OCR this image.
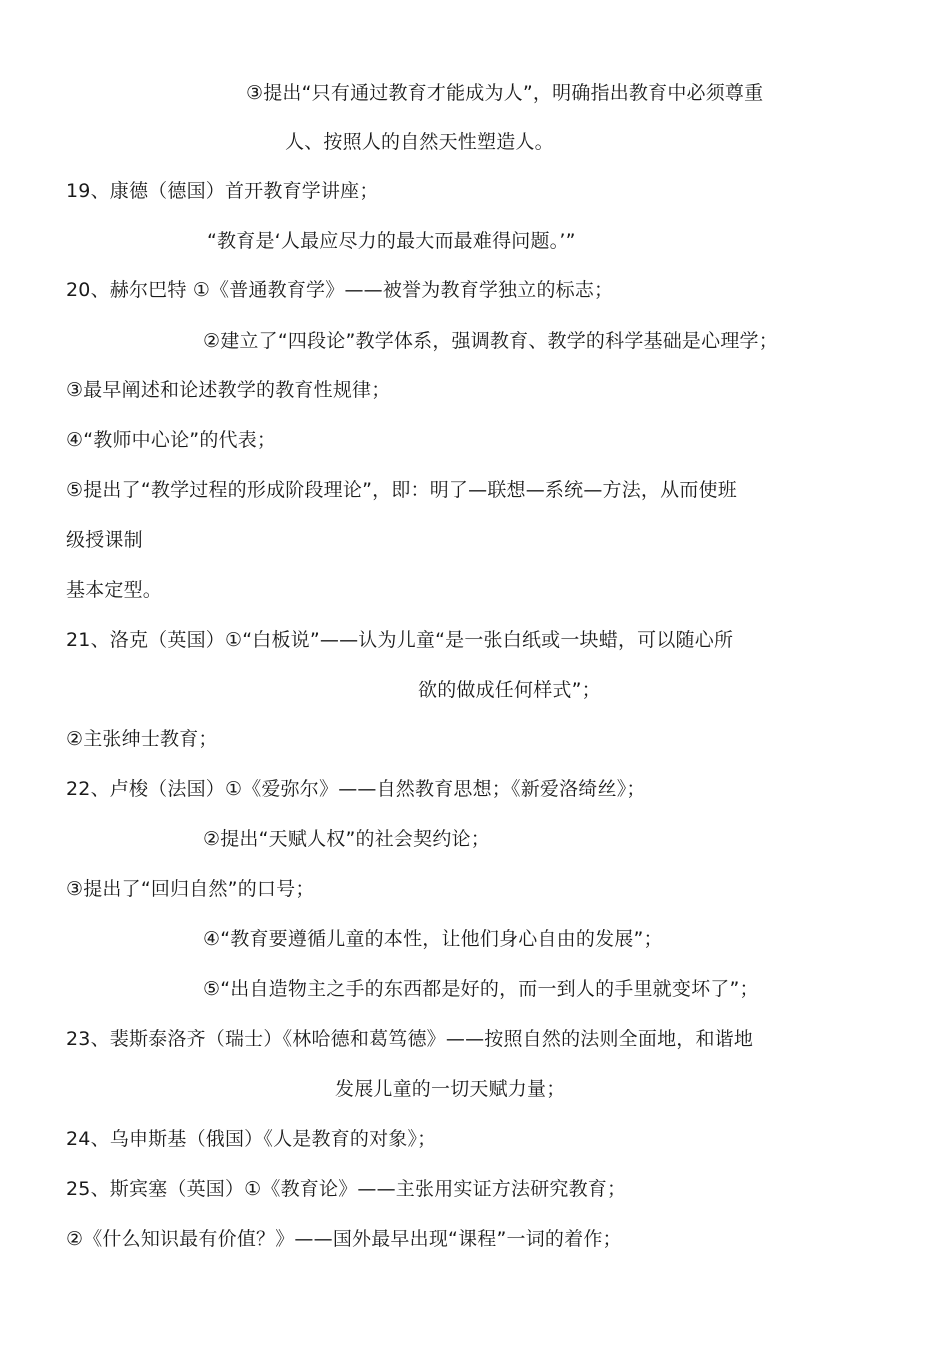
③提出“只有通过教育才能成为人”，明确指出教育中必须尊重
人、按照人的自然天性塑造人。
19、康德（德国）首开教育学讲座；
“教育是‘人最应尽力的最大而最难得问题。’”
20、赫尔巴特 ①《普通教育学》——被誉为教育学独立的标志；
②建立了“四段论”教学体系，强调教育、教学的科学基础是心理学；
③最早阐述和论述教学的教育性规律；
④“教师中心论”的代表；
⑤提出了“教学过程的形成阶段理论”，即：明了—联想—系统—方法，从而使班
级授课制
基本定型。
21、洛克（英国）①“白板说”——认为儿童“是一张白纸或一块蜡，可以随心所
欲的做成任何样式”；
②主张绅士教育；
22、卢梭（法国）①《爱弥尔》——自然教育思想；《新爱洛绮丝》；
②提出“天赋人权”的社会契约论；
③提出了“回归自然”的口号；
④“教育要遵循儿童的本性，让他们身心自由的发展”；
⑤“出自造物主之手的东西都是好的，而一到人的手里就变坏了”；
23、裴斯泰洛齐（瑞士）《林哈德和葛笃德》——按照自然的法则全面地，和谐地
发展儿童的一切天赋力量；
24、乌申斯基（俄国）《人是教育的对象》；
25、斯宾塞（英国）①《教育论》——主张用实证方法研究教育；
②《什么知识最有价值？》——国外最早出现“课程”一词的着作；
